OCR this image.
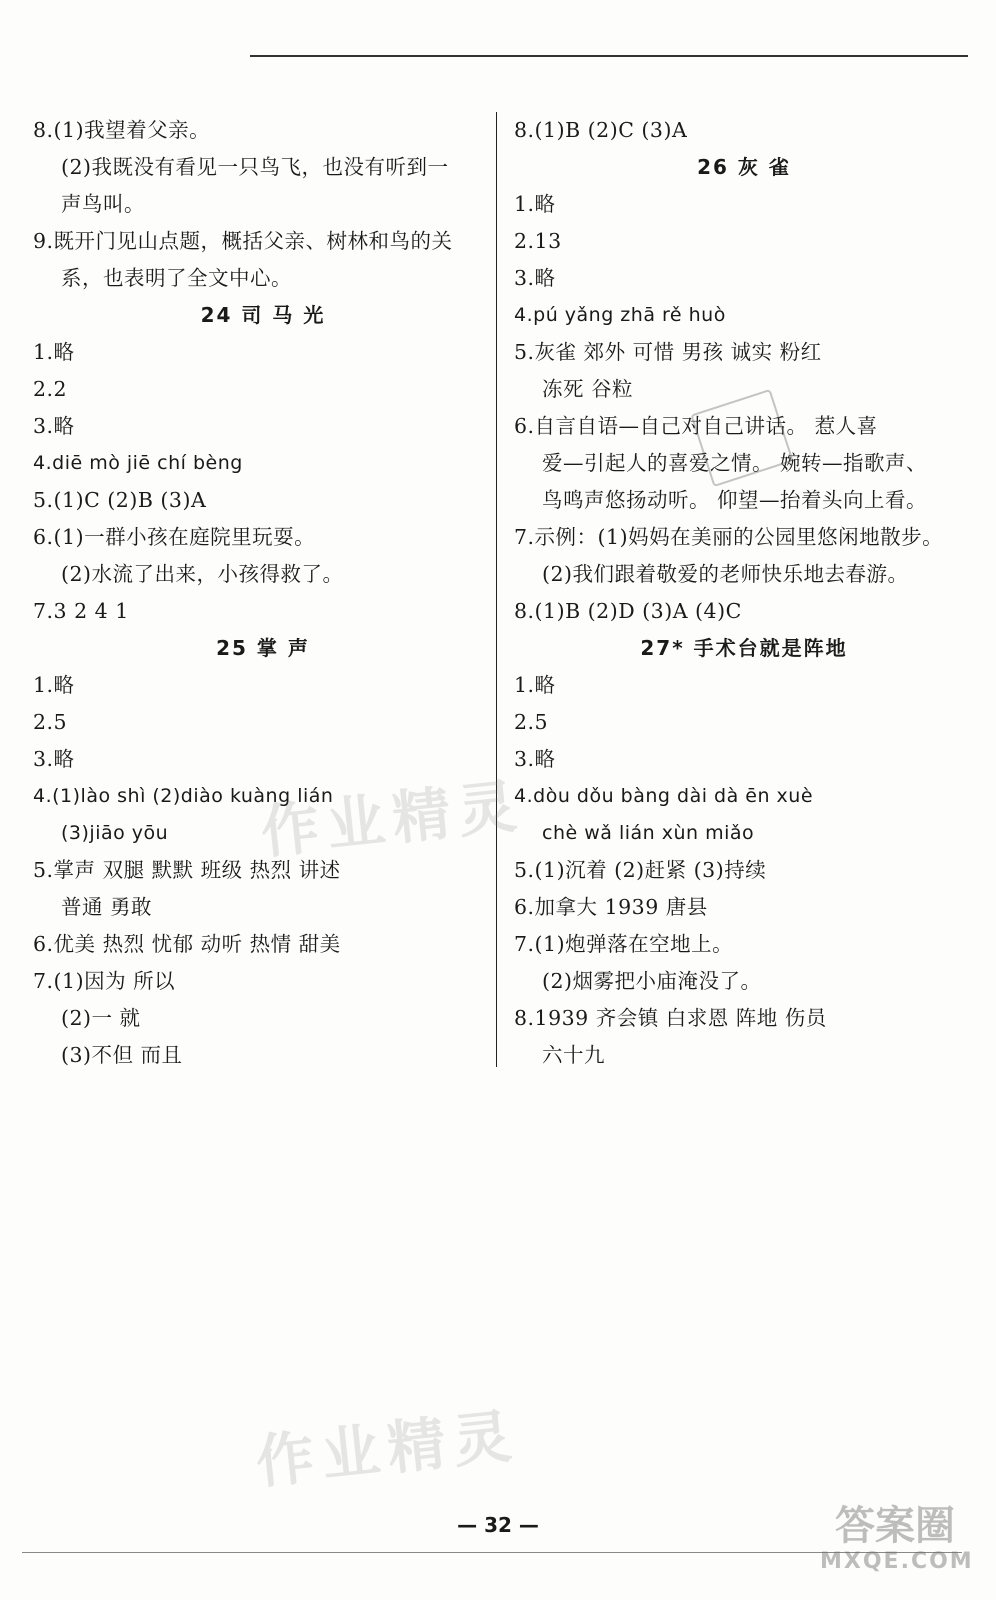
8.(1)我望着父亲。
(2)我既没有看见一只鸟飞，也没有听到一
声鸟叫。
9.既开门见山点题，概括父亲、树林和鸟的关
系，也表明了全文中心。
24 司 马 光
1.略
2.2
3.略
4.diē mò jiē chí bèng
5.(1)C (2)B (3)A
6.(1)一群小孩在庭院里玩耍。
(2)水流了出来，小孩得救了。
7.3 2 4 1
25 掌 声
1.略
2.5
3.略
4.(1)lào shì (2)diào kuàng lián
(3)jiāo yōu
5.掌声 双腿 默默 班级 热烈 讲述
普通 勇敢
6.优美 热烈 忧郁 动听 热情 甜美
7.(1)因为 所以
(2)一 就
(3)不但 而且
8.(1)B (2)C (3)A
26 灰 雀
1.略
2.13
3.略
4.pú yǎng zhā rě huò
5.灰雀 郊外 可惜 男孩 诚实 粉红
冻死 谷粒
6.自言自语—自己对自己讲话。 惹人喜
爱—引起人的喜爱之情。 婉转—指歌声、
鸟鸣声悠扬动听。 仰望—抬着头向上看。
7.示例：(1)妈妈在美丽的公园里悠闲地散步。
(2)我们跟着敬爱的老师快乐地去春游。
8.(1)B (2)D (3)A (4)C
27* 手术台就是阵地
1.略
2.5
3.略
4.dòu dǒu bàng dài dà ēn xuè
chè wǎ lián xùn miǎo
5.(1)沉着 (2)赶紧 (3)持续
6.加拿大 1939 唐县
7.(1)炮弹落在空地上。
(2)烟雾把小庙淹没了。
8.1939 齐会镇 白求恩 阵地 伤员
六十九
作业精灵
作业精灵
— 32 —	答案圈
MXQE.COM
